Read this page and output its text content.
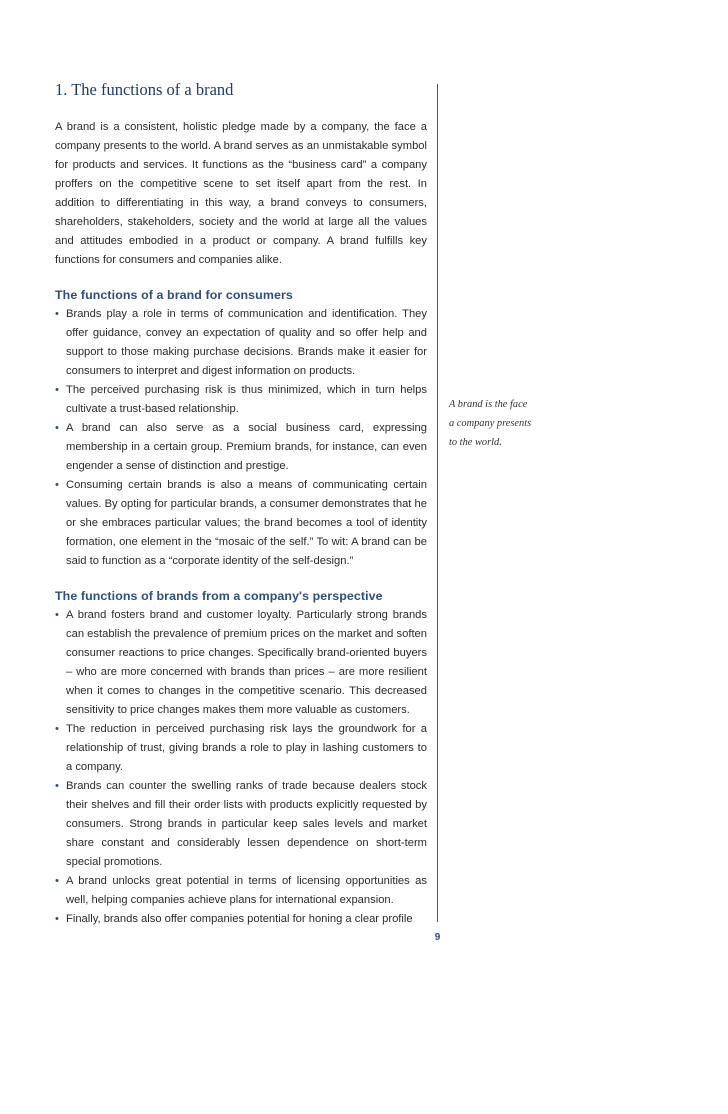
1. The functions of a brand

A brand is a consistent, holistic pledge made by a company, the face a company presents to the world. A brand serves as an unmistakable symbol for products and services. It functions as the “business card” a company proffers on the competitive scene to set itself apart from the rest. In addition to differentiating in this way, a brand conveys to consumers, shareholders, stakeholders, society and the world at large all the values and attitudes embodied in a product or company. A brand fulfills key functions for consumers and companies alike.

The functions of a brand for consumers
• Brands play a role in terms of communication and identification. They offer guidance, convey an expectation of quality and so offer help and support to those making purchase decisions. Brands make it easier for consumers to interpret and digest information on products.
• The perceived purchasing risk is thus minimized, which in turn helps cultivate a trust-based relationship.
• A brand can also serve as a social business card, expressing membership in a certain group. Premium brands, for instance, can even engender a sense of distinction and prestige.
• Consuming certain brands is also a means of communicating certain values. By opting for particular brands, a consumer demonstrates that he or she embraces particular values; the brand becomes a tool of identity formation, one element in the “mosaic of the self.” To wit: A brand can be said to function as a “corporate identity of the self-design.”
The functions of brands from a company's perspective
• A brand fosters brand and customer loyalty. Particularly strong brands can establish the prevalence of premium prices on the market and soften consumer reactions to price changes. Specifically brand-oriented buyers – who are more concerned with brands than prices – are more resilient when it comes to changes in the competitive scenario. This decreased sensitivity to price changes makes them more valuable as customers.
• The reduction in perceived purchasing risk lays the groundwork for a relationship of trust, giving brands a role to play in lashing customers to a company.
• Brands can counter the swelling ranks of trade because dealers stock their shelves and fill their order lists with products explicitly requested by consumers. Strong brands in particular keep sales levels and market share constant and considerably lessen dependence on short-term special promotions.
• A brand unlocks great potential in terms of licensing opportunities as well, helping companies achieve plans for international expansion.
• Finally, brands also offer companies potential for honing a clear profile
9
A brand is the face
a company presents
to the world.
